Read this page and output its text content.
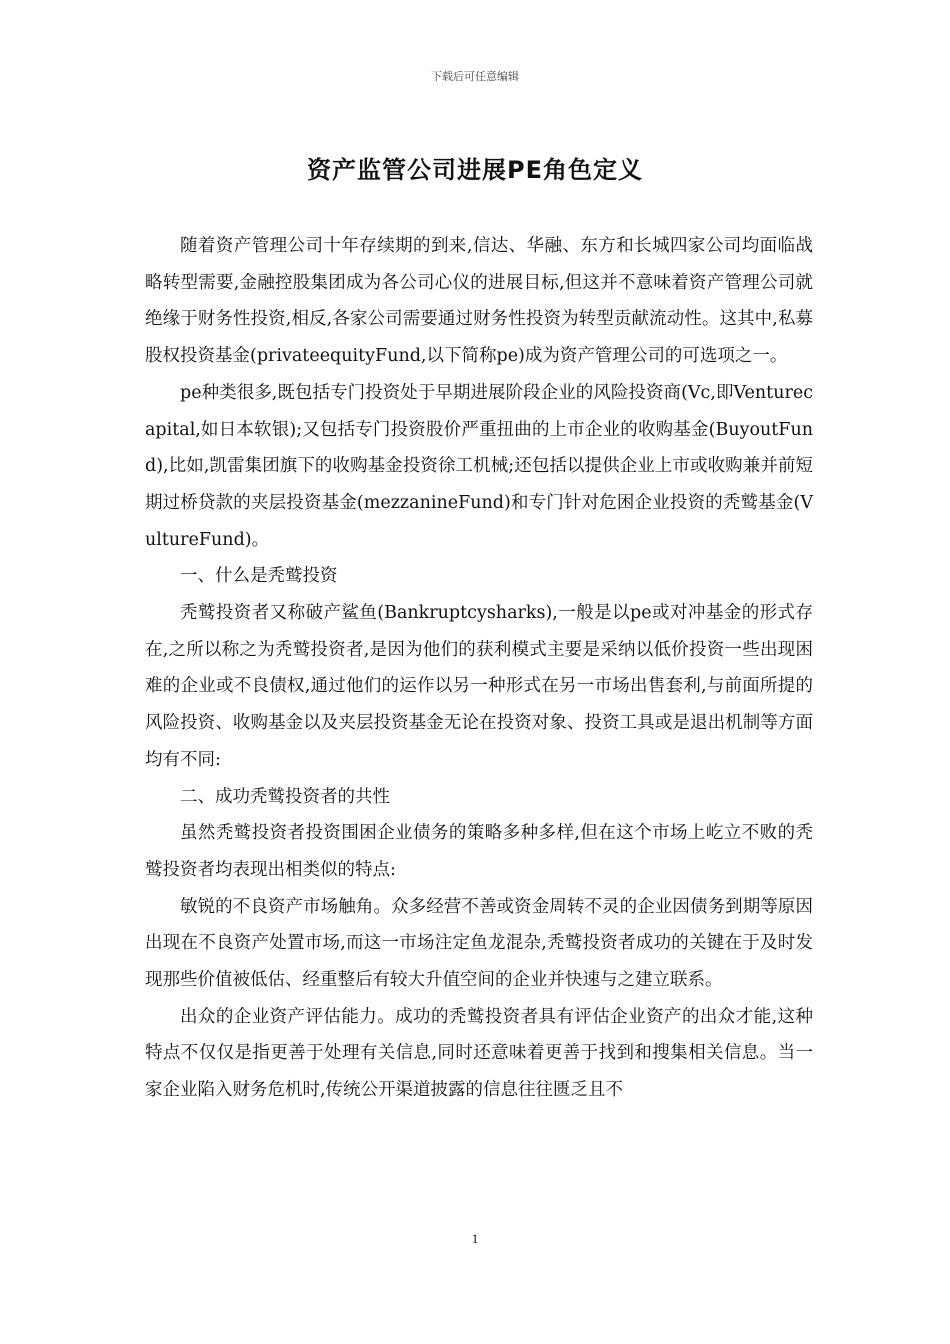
下载后可任意编辑
资产监管公司进展PE角色定义

随着资产管理公司十年存续期的到来,信达、华融、东方和长城四家公司均面临战略转型需要,金融控股集团成为各公司心仪的进展目标,但这并不意味着资产管理公司就绝缘于财务性投资,相反,各家公司需要通过财务性投资为转型贡献流动性。这其中,私募股权投资基金(privateequityFund,以下简称pe)成为资产管理公司的可选项之一。

pe种类很多,既包括专门投资处于早期进展阶段企业的风险投资商(Vc,即Venturecapital,如日本软银);又包括专门投资股价严重扭曲的上市企业的收购基金(BuyoutFund),比如,凯雷集团旗下的收购基金投资徐工机械;还包括以提供企业上市或收购兼并前短期过桥贷款的夹层投资基金(mezzanineFund)和专门针对危困企业投资的秃鹫基金(VultureFund)。

一、什么是秃鹫投资

秃鹫投资者又称破产鲨鱼(Bankruptcysharks),一般是以pe或对冲基金的形式存在,之所以称之为秃鹫投资者,是因为他们的获利模式主要是采纳以低价投资一些出现困难的企业或不良债权,通过他们的运作以另一种形式在另一市场出售套利,与前面所提的风险投资、收购基金以及夹层投资基金无论在投资对象、投资工具或是退出机制等方面均有不同:

二、成功秃鹫投资者的共性

虽然秃鹫投资者投资围困企业债务的策略多种多样,但在这个市场上屹立不败的秃鹫投资者均表现出相类似的特点:

敏锐的不良资产市场触角。众多经营不善或资金周转不灵的企业因债务到期等原因出现在不良资产处置市场,而这一市场注定鱼龙混杂,秃鹫投资者成功的关键在于及时发现那些价值被低估、经重整后有较大升值空间的企业并快速与之建立联系。

出众的企业资产评估能力。成功的秃鹫投资者具有评估企业资产的出众才能,这种特点不仅仅是指更善于处理有关信息,同时还意味着更善于找到和搜集相关信息。当一家企业陷入财务危机时,传统公开渠道披露的信息往往匮乏且不

1
